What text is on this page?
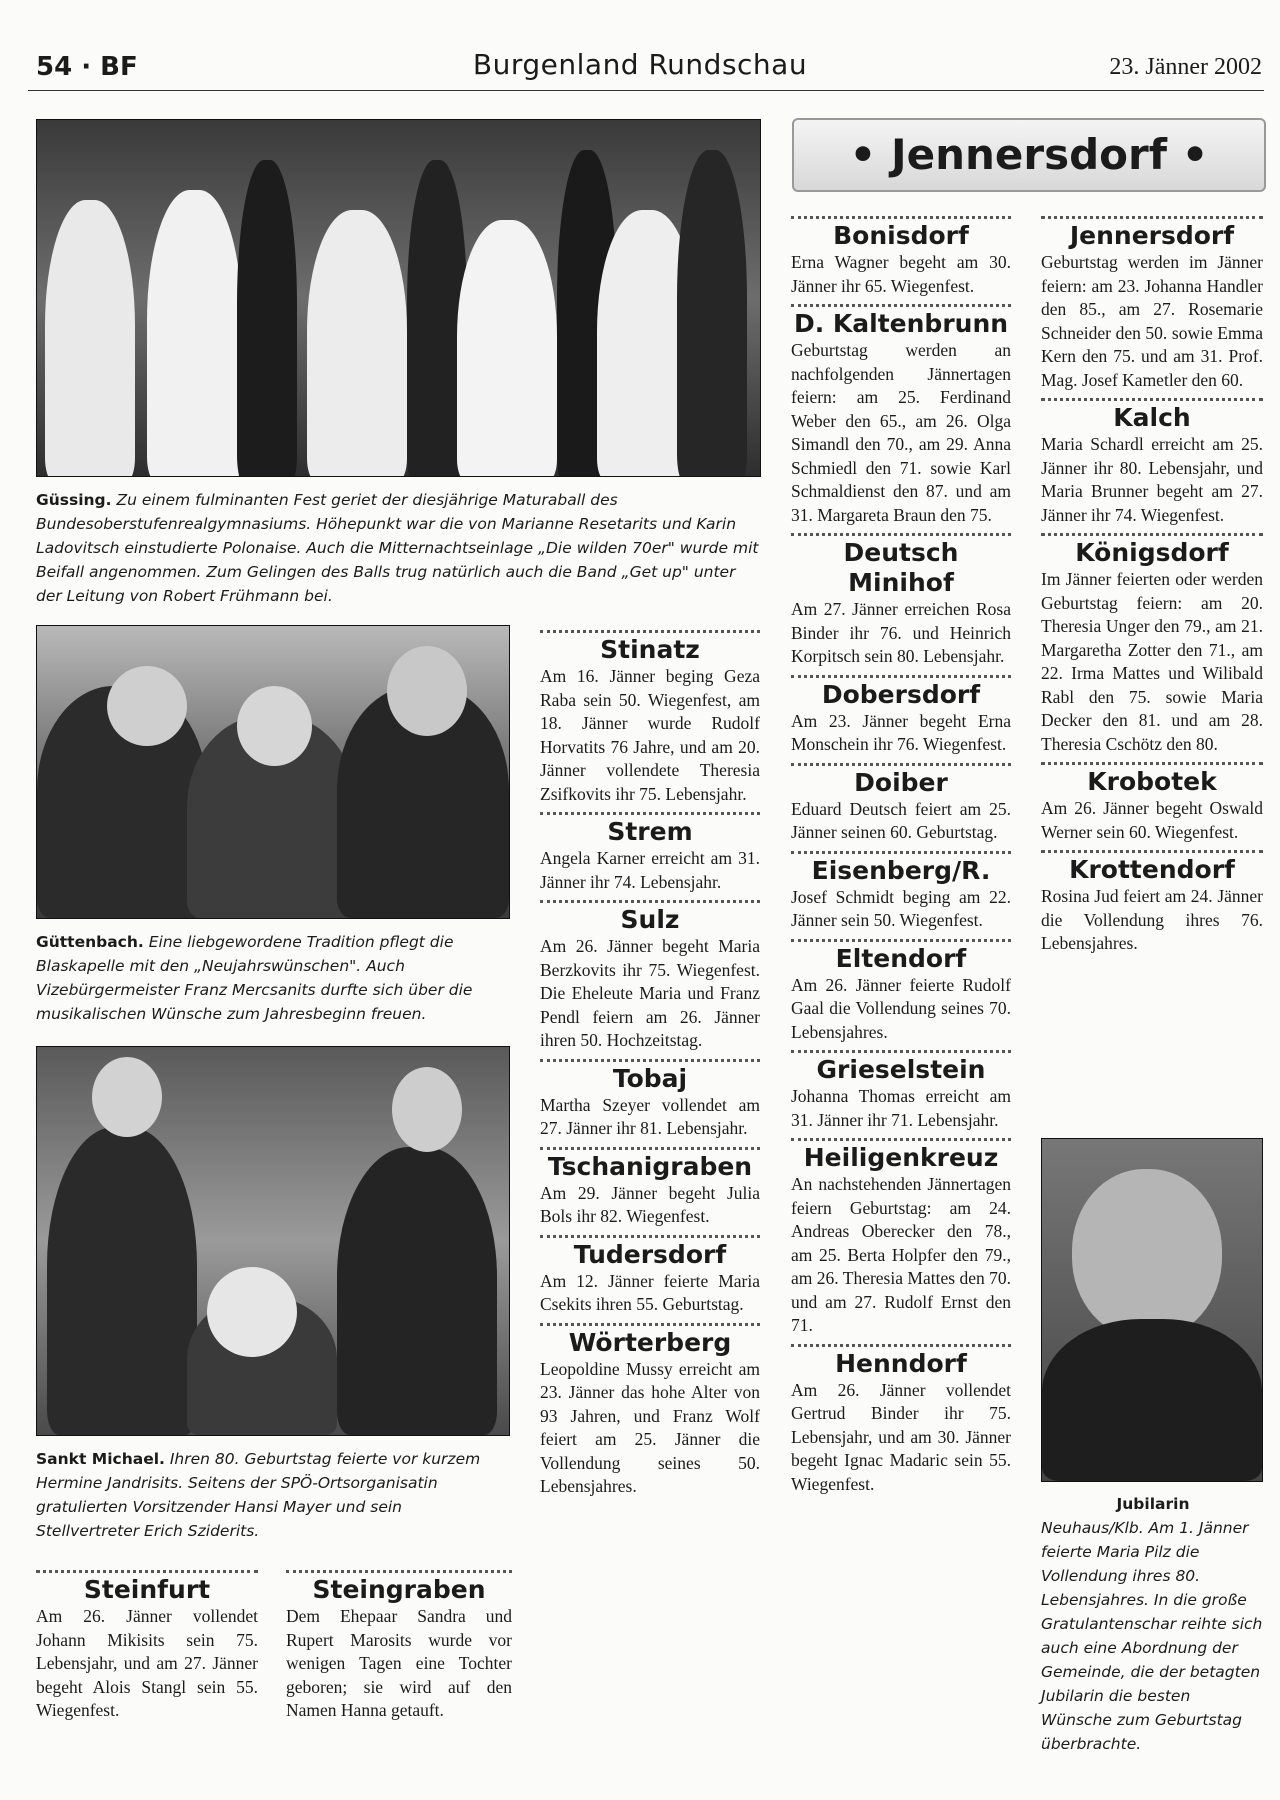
54 · BF	Burgenland Rundschau	23. Jänner 2002
• Jennersdorf •
Güssing. Zu einem fulminanten Fest geriet der diesjährige Maturaball des Bundesoberstufenrealgymnasiums. Höhepunkt war die von Marianne Resetarits und Karin Ladovitsch einstudierte Polonaise. Auch die Mitternachtseinlage „Die wilden 70er" wurde mit Beifall angenommen. Zum Gelingen des Balls trug natürlich auch die Band „Get up" unter der Leitung von Robert Frühmann bei.
Güttenbach. Eine liebgewordene Tradition pflegt die Blaskapelle mit den „Neujahrswünschen". Auch Vizebürgermeister Franz Mercsanits durfte sich über die musikalischen Wünsche zum Jahresbeginn freuen.
Sankt Michael. Ihren 80. Geburtstag feierte vor kurzem Hermine Jandrisits. Seitens der SPÖ-Ortsorganisatin gratulierten Vorsitzender Hansi Mayer und sein Stellvertreter Erich Sziderits.
Jubilarin
Neuhaus/Klb. Am 1. Jänner feierte Maria Pilz die Vollendung ihres 80. Lebensjahres. In die große Gratulantenschar reihte sich auch eine Abordnung der Gemeinde, die der betagten Jubilarin die besten Wünsche zum Geburtstag überbrachte.
Steinfurt
Am 26. Jänner vollendet Johann Mikisits sein 75. Lebensjahr, und am 27. Jänner begeht Alois Stangl sein 55. Wiegenfest.
Steingraben
Dem Ehepaar Sandra und Rupert Marosits wurde vor wenigen Tagen eine Tochter geboren; sie wird auf den Namen Hanna getauft.
Stinatz
Am 16. Jänner beging Geza Raba sein 50. Wiegenfest, am 18. Jänner wurde Rudolf Horvatits 76 Jahre, und am 20. Jänner vollendete Theresia Zsifkovits ihr 75. Lebensjahr.
Strem
Angela Karner erreicht am 31. Jänner ihr 74. Lebensjahr.
Sulz
Am 26. Jänner begeht Maria Berzkovits ihr 75. Wiegenfest. Die Eheleute Maria und Franz Pendl feiern am 26. Jänner ihren 50. Hochzeitstag.
Tobaj
Martha Szeyer vollendet am 27. Jänner ihr 81. Lebensjahr.
Tschanigraben
Am 29. Jänner begeht Julia Bols ihr 82. Wiegenfest.
Tudersdorf
Am 12. Jänner feierte Maria Csekits ihren 55. Geburtstag.
Wörterberg
Leopoldine Mussy erreicht am 23. Jänner das hohe Alter von 93 Jahren, und Franz Wolf feiert am 25. Jänner die Vollendung seines 50. Lebensjahres.
Bonisdorf
Erna Wagner begeht am 30. Jänner ihr 65. Wiegenfest.
D. Kaltenbrunn
Geburtstag werden an nachfolgenden Jännertagen feiern: am 25. Ferdinand Weber den 65., am 26. Olga Simandl den 70., am 29. Anna Schmiedl den 71. sowie Karl Schmaldienst den 87. und am 31. Margareta Braun den 75.
Deutsch Minihof
Am 27. Jänner erreichen Rosa Binder ihr 76. und Heinrich Korpitsch sein 80. Lebensjahr.
Dobersdorf
Am 23. Jänner begeht Erna Monschein ihr 76. Wiegenfest.
Doiber
Eduard Deutsch feiert am 25. Jänner seinen 60. Geburtstag.
Eisenberg/R.
Josef Schmidt beging am 22. Jänner sein 50. Wiegenfest.
Eltendorf
Am 26. Jänner feierte Rudolf Gaal die Vollendung seines 70. Lebensjahres.
Grieselstein
Johanna Thomas erreicht am 31. Jänner ihr 71. Lebensjahr.
Heiligenkreuz
An nachstehenden Jännertagen feiern Geburtstag: am 24. Andreas Oberecker den 78., am 25. Berta Holpfer den 79., am 26. Theresia Mattes den 70. und am 27. Rudolf Ernst den 71.
Henndorf
Am 26. Jänner vollendet Gertrud Binder ihr 75. Lebensjahr, und am 30. Jänner begeht Ignac Madaric sein 55. Wiegenfest.
Jennersdorf
Geburtstag werden im Jänner feiern: am 23. Johanna Handler den 85., am 27. Rosemarie Schneider den 50. sowie Emma Kern den 75. und am 31. Prof. Mag. Josef Kametler den 60.
Kalch
Maria Schardl erreicht am 25. Jänner ihr 80. Lebensjahr, und Maria Brunner begeht am 27. Jänner ihr 74. Wiegenfest.
Königsdorf
Im Jänner feierten oder werden Geburtstag feiern: am 20. Theresia Unger den 79., am 21. Margaretha Zotter den 71., am 22. Irma Mattes und Wilibald Rabl den 75. sowie Maria Decker den 81. und am 28. Theresia Cschötz den 80.
Krobotek
Am 26. Jänner begeht Oswald Werner sein 60. Wiegenfest.
Krottendorf
Rosina Jud feiert am 24. Jänner die Vollendung ihres 76. Lebensjahres.
